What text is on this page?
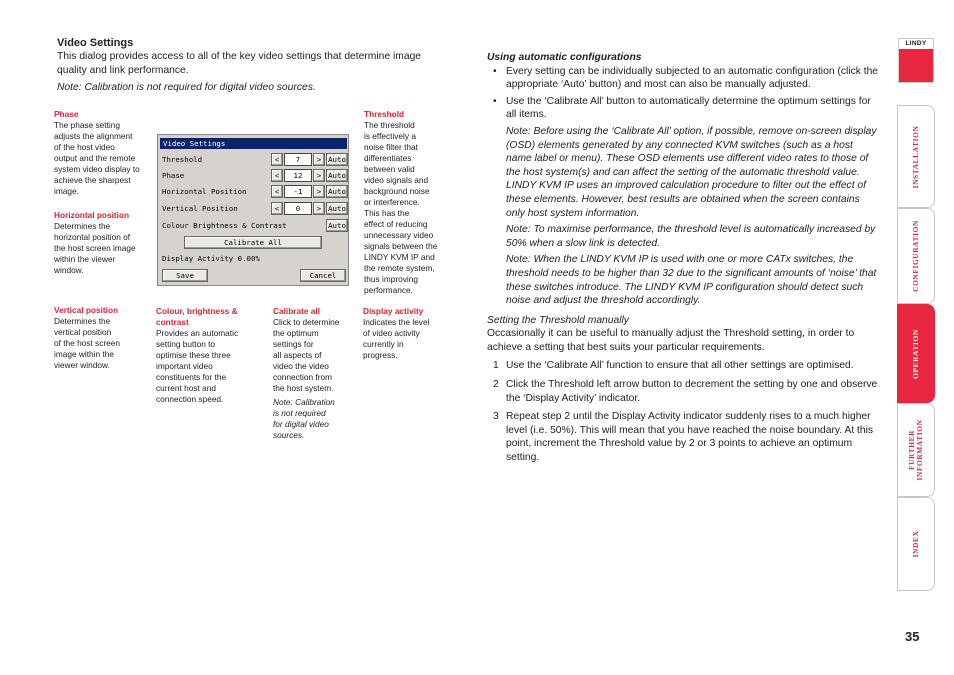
Video Settings
This dialog provides access to all of the key video settings that determine image quality and link performance.
Note: Calibration is not required for digital video sources.
Phase
The phase setting
adjusts the alignment
of the host video
output and the remote
system video display to
achieve the sharpest
image.
Horizontal position
Determines the
horizontal position of
the host screen image
within the viewer
window.
Vertical position
Determines the
vertical position
of the host screen
image within the
viewer window.
Colour, brightness &
contrast
Provides an automatic
setting button to
optimise these three
important video
constituents for the
current host and
connection speed.
Calibrate all
Click to determine
the optimum
settings for
all aspects of
video the video
connection from
the host system.
Note: Calibration
is not required
for digital video
sources.
Threshold
The threshold
is effectively a
noise filter that
differentiates
between valid
video signals and
background noise
or interference.
This has the
effect of reducing
unnecessary video
signals between the
LINDY KVM IP and
the remote system,
thus improving
performance.
Display activity
Indicates the level
of video activity
currently in
progress.
Video Settings
Threshold	<	7	> Auto
Phase	<	12	> Auto
Horizontal Position	<	-1	> Auto
Vertical Position	<	0	> Auto
Colour Brightness & Contrast	Auto
Calibrate All
Display Activity 0.00%
Save	Cancel
Using automatic configurations
• Every setting can be individually subjected to an automatic configuration (click the appropriate ‘Auto’ button) and most can also be manually adjusted.
• Use the ‘Calibrate All’ button to automatically determine the optimum settings for all items.
Note: Before using the ‘Calibrate All’ option, if possible, remove on-screen display (OSD) elements generated by any connected KVM switches (such as a host name label or menu). These OSD elements use different video rates to those of the host system(s) and can affect the setting of the automatic threshold value. LINDY KVM IP uses an improved calculation procedure to filter out the effect of these elements. However, best results are obtained when the screen contains only host system information.
Note: To maximise performance, the threshold level is automatically increased by 50% when a slow link is detected.
Note: When the LINDY KVM IP is used with one or more CATx switches, the threshold needs to be higher than 32 due to the significant amounts of ‘noise’ that these switches introduce. The LINDY KVM IP configuration should detect such noise and adjust the threshold accordingly.
Setting the Threshold manually
Occasionally it can be useful to manually adjust the Threshold setting, in order to achieve a setting that best suits your particular requirements.
1 Use the ‘Calibrate All’ function to ensure that all other settings are optimised.
2 Click the Threshold left arrow button to decrement the setting by one and observe the ‘Display Activity’ indicator.
3 Repeat step 2 until the Display Activity indicator suddenly rises to a much higher level (i.e. 50%). This will mean that you have reached the noise boundary. At this point, increment the Threshold value by 2 or 3 points to achieve an optimum setting.
LINDY
INSTALLATION
CONFIGURATION
OPERATION
FURTHER
INFORMATION
INDEX
35
